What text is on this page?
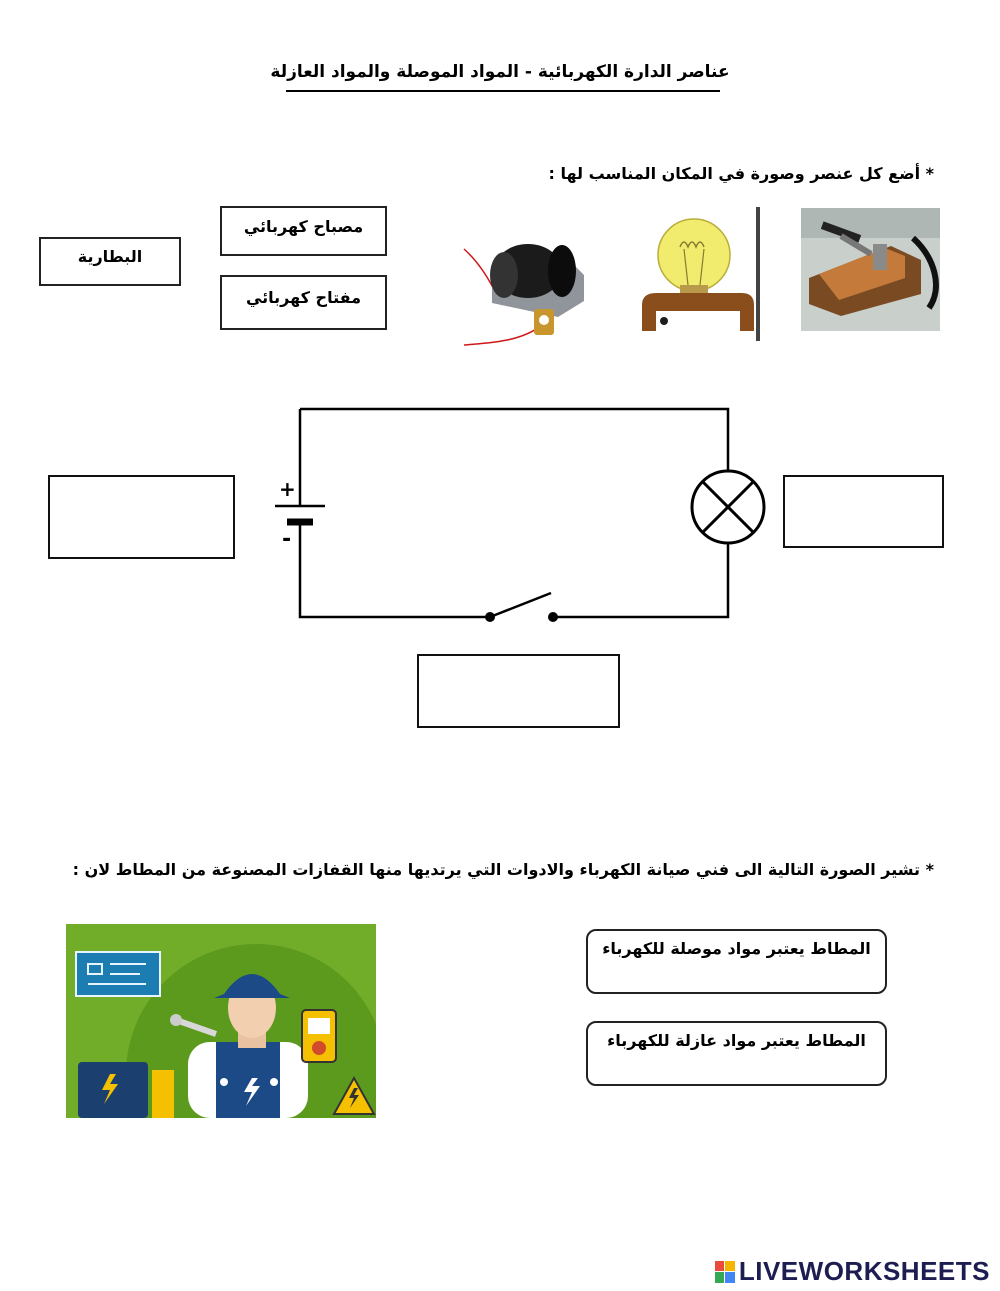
عناصر الدارة الكهربائية - المواد الموصلة والمواد العازلة
* أضع كل عنصر وصورة في المكان المناسب لها :
البطارية
مصباح كهربائي
مفتاح كهربائي
+
-
* تشير الصورة التالية الى فني صيانة الكهرباء والادوات التي يرتديها منها القفازات المصنوعة من المطاط لان :
المطاط يعتبر مواد موصلة للكهرباء
المطاط يعتبر مواد عازلة للكهرباء
LIVEWORKSHEETS
